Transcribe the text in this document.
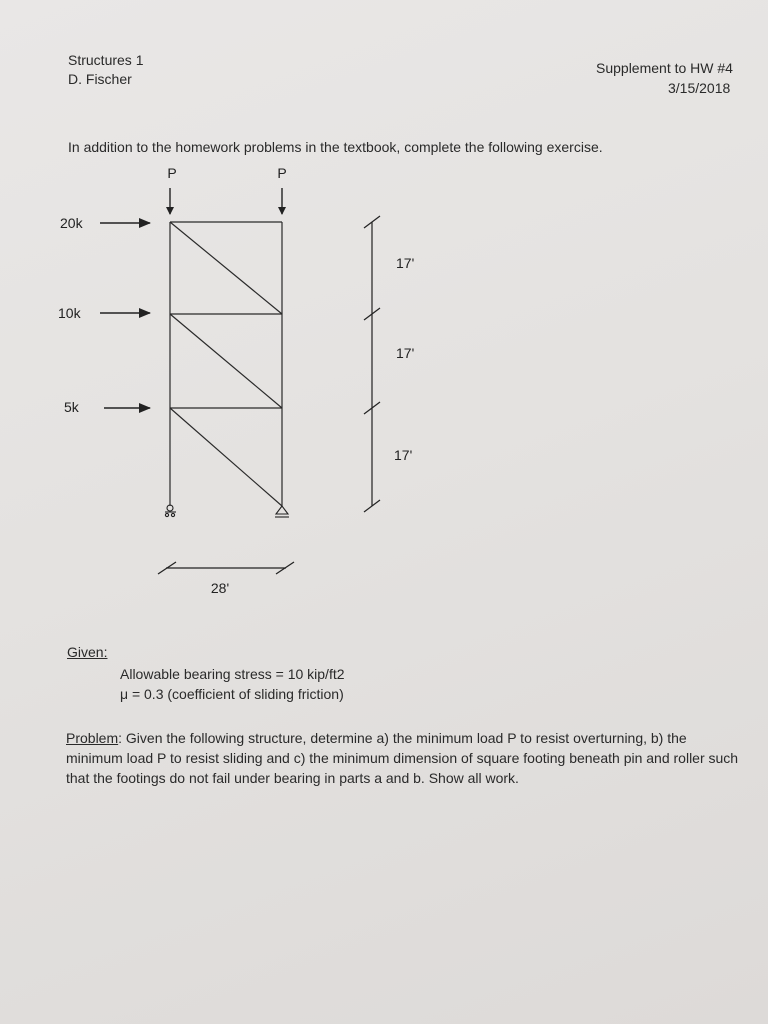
Structures 1
D. Fischer
Supplement to HW #4
3/15/2018
In addition to the homework problems in the textbook, complete the following exercise.
P	P
20k
10k
5k
17'
17'
17'
28'
Given:
Allowable bearing stress = 10 kip/ft2
μ = 0.3 (coefficient of sliding friction)
Problem: Given the following structure, determine a) the minimum load P to resist overturning, b) the minimum load P to resist sliding and c) the minimum dimension of square footing beneath pin and roller such that the footings do not fail under bearing in parts a and b. Show all work.
